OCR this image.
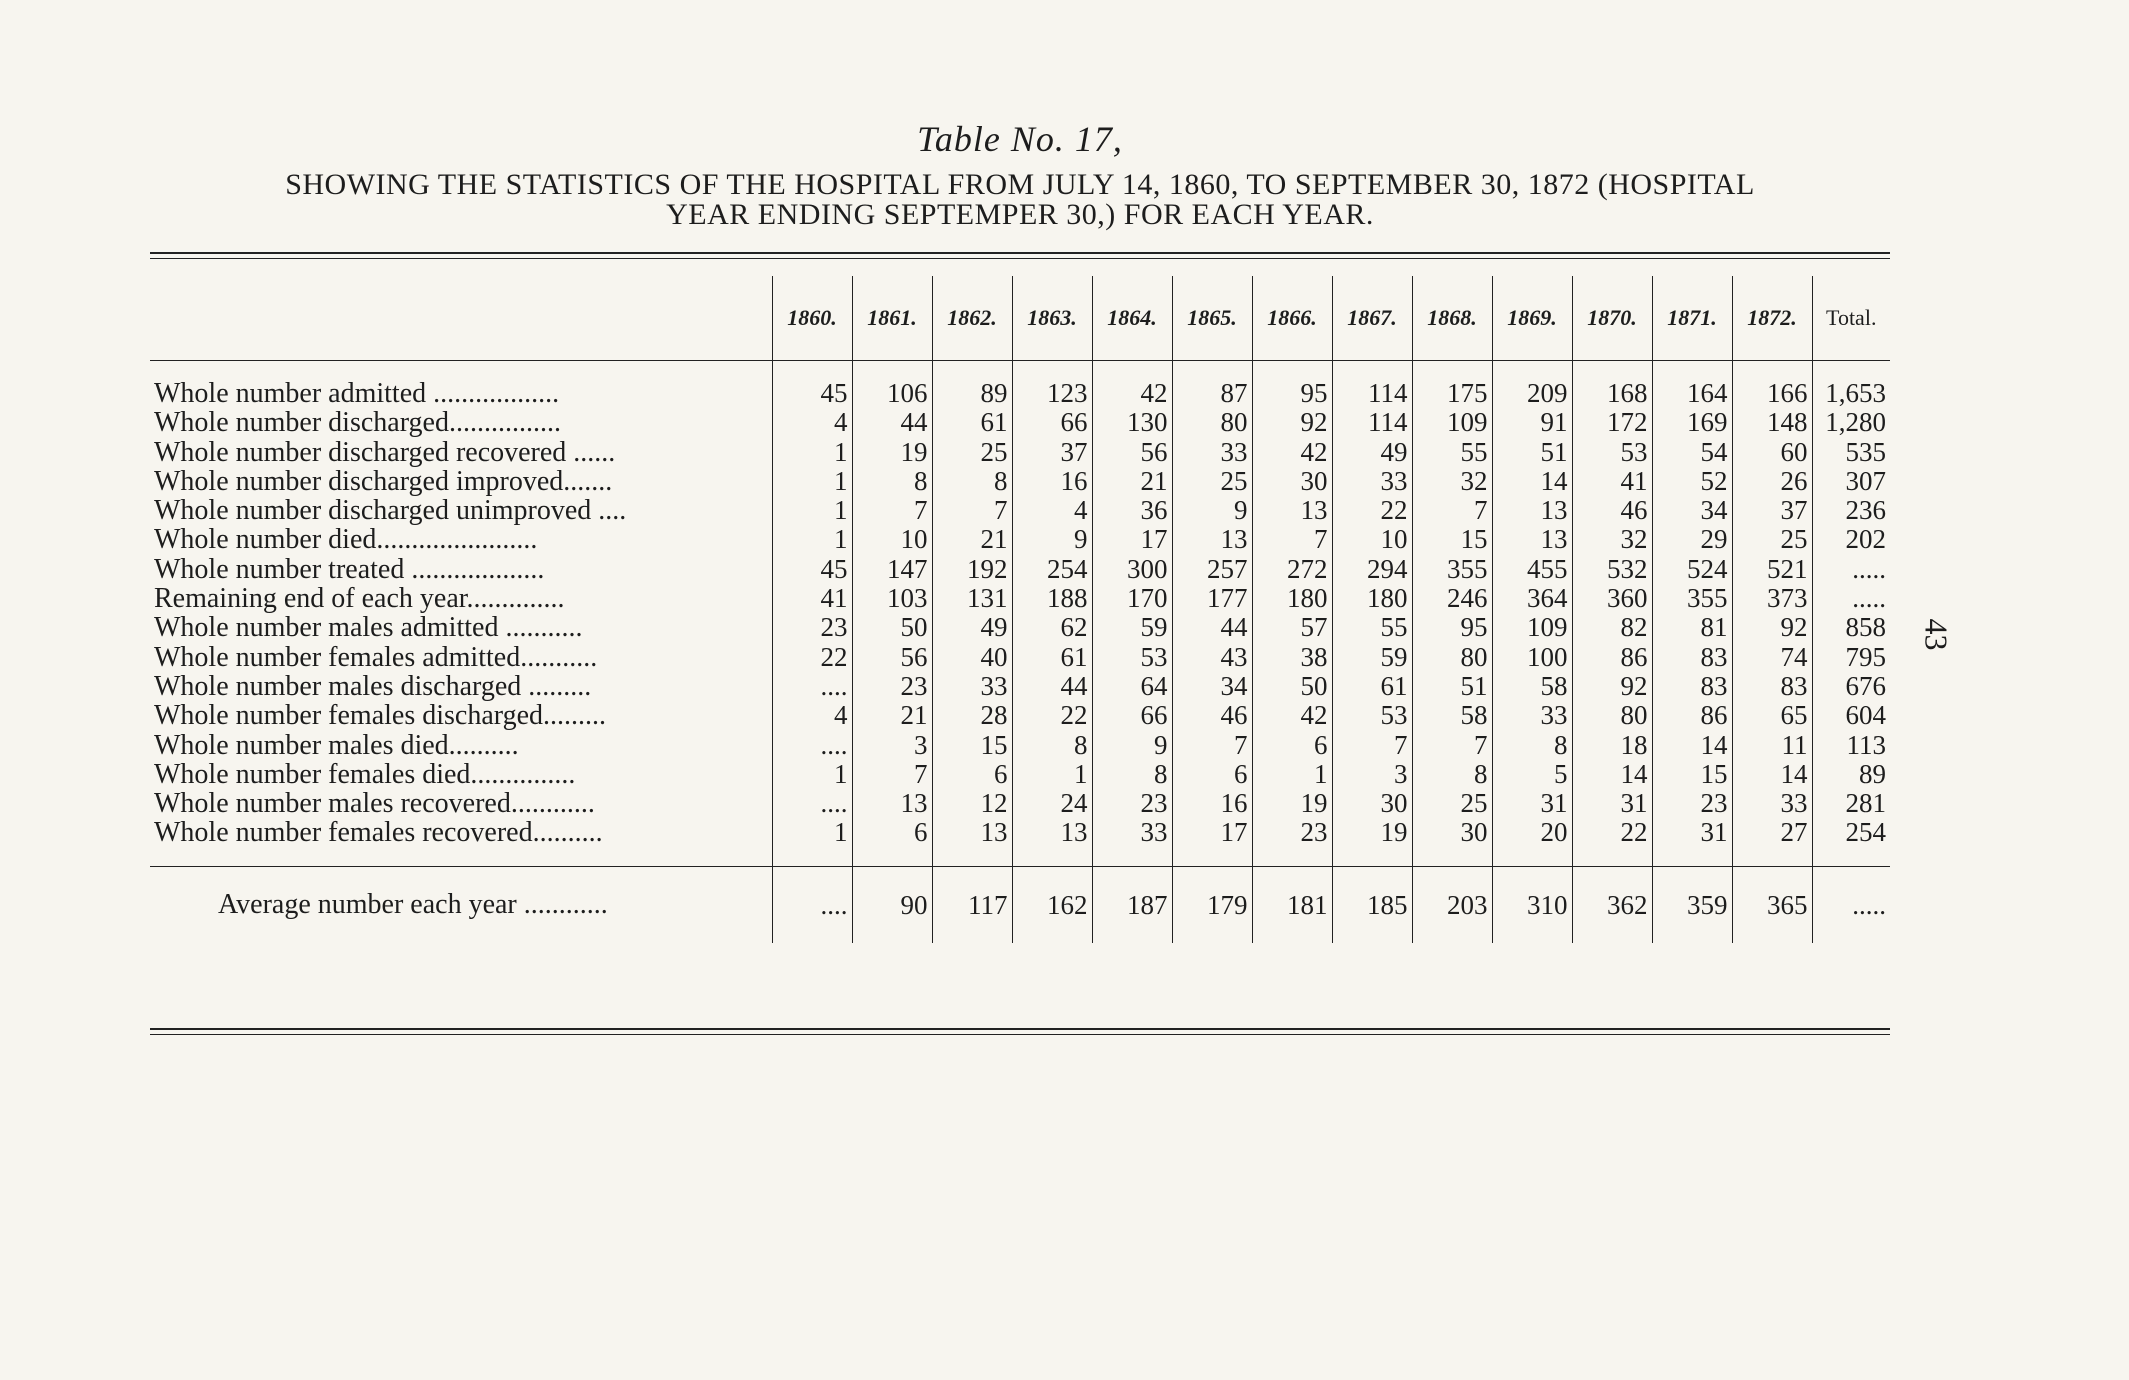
Table No. 17,
SHOWING THE STATISTICS OF THE HOSPITAL FROM JULY 14, 1860, TO SEPTEMBER 30, 1872 (HOSPITAL
YEAR ENDING SEPTEMPER 30,) FOR EACH YEAR.
43
	1860.	1861.	1862.	1863.	1864.	1865.	1866.	1867.	1868.	1869.	1870.	1871.	1872.	Total.

Whole number admitted ..................	45	106	89	123	42	87	95	114	175	209	168	164	166	1,653
Whole number discharged................	4	44	61	66	130	80	92	114	109	91	172	169	148	1,280
Whole number discharged recovered ......	1	19	25	37	56	33	42	49	55	51	53	54	60	535
Whole number discharged improved.......	1	8	8	16	21	25	30	33	32	14	41	52	26	307
Whole number discharged unimproved ....	1	7	7	4	36	9	13	22	7	13	46	34	37	236
Whole number died.......................	1	10	21	9	17	13	7	10	15	13	32	29	25	202
Whole number treated ...................	45	147	192	254	300	257	272	294	355	455	532	524	521	.....
Remaining end of each year..............	41	103	131	188	170	177	180	180	246	364	360	355	373	.....
Whole number males admitted ...........	23	50	49	62	59	44	57	55	95	109	82	81	92	858
Whole number females admitted...........	22	56	40	61	53	43	38	59	80	100	86	83	74	795
Whole number males discharged .........	....	23	33	44	64	34	50	61	51	58	92	83	83	676
Whole number females discharged.........	4	21	28	22	66	46	42	53	58	33	80	86	65	604
Whole number males died..........	....	3	15	8	9	7	6	7	7	8	18	14	11	113
Whole number females died...............	1	7	6	1	8	6	1	3	8	5	14	15	14	89
Whole number males recovered............	....	13	12	24	23	16	19	30	25	31	31	23	33	281
Whole number females recovered..........	1	6	13	13	33	17	23	19	30	20	22	31	27	254

Average number each year ............	....	90	117	162	187	179	181	185	203	310	362	359	365	.....
